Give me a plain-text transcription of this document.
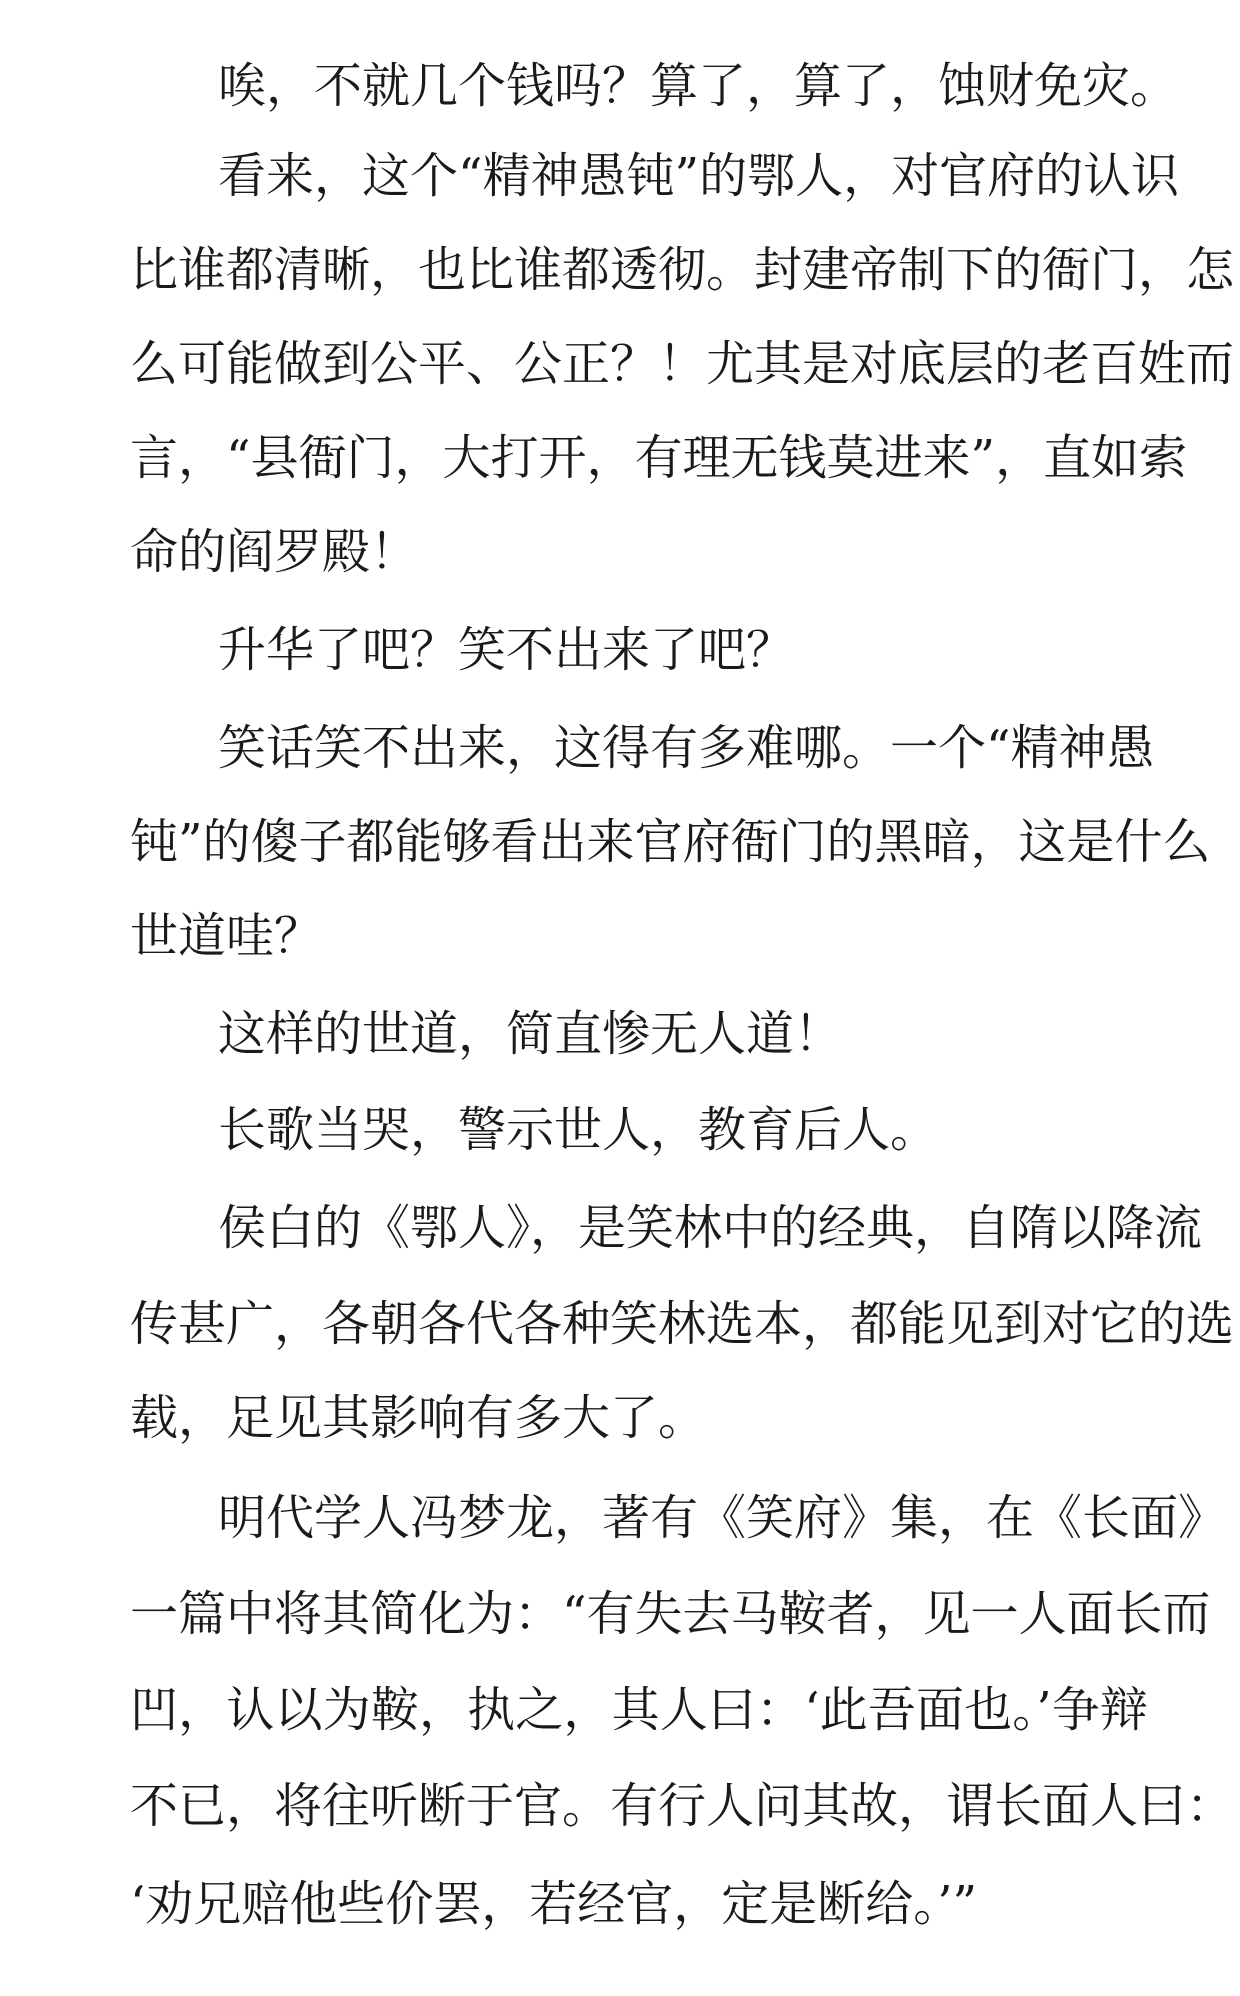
唉，不就几个钱吗？算了，算了，蚀财免灾。
看来，这个“精神愚钝”的鄂人，对官府的认识
比谁都清晰，也比谁都透彻。封建帝制下的衙门，怎
么可能做到公平、公正？！尤其是对底层的老百姓而
言，“县衙门，大打开，有理无钱莫进来”，直如索
命的阎罗殿！
升华了吧？笑不出来了吧？
笑话笑不出来，这得有多难哪。一个“精神愚
钝”的傻子都能够看出来官府衙门的黑暗，这是什么
世道哇？
这样的世道，简直惨无人道！
长歌当哭，警示世人，教育后人。
侯白的《鄂人》，是笑林中的经典，自隋以降流
传甚广，各朝各代各种笑林选本，都能见到对它的选
载，足见其影响有多大了。
明代学人冯梦龙，著有《笑府》集，在《长面》
一篇中将其简化为：“有失去马鞍者，见一人面长而
凹，认以为鞍，执之，其人曰：‘此吾面也。’争辩
不已，将往听断于官。有行人问其故，谓长面人曰：
‘劝兄赔他些价罢，若经官，定是断给。’”
